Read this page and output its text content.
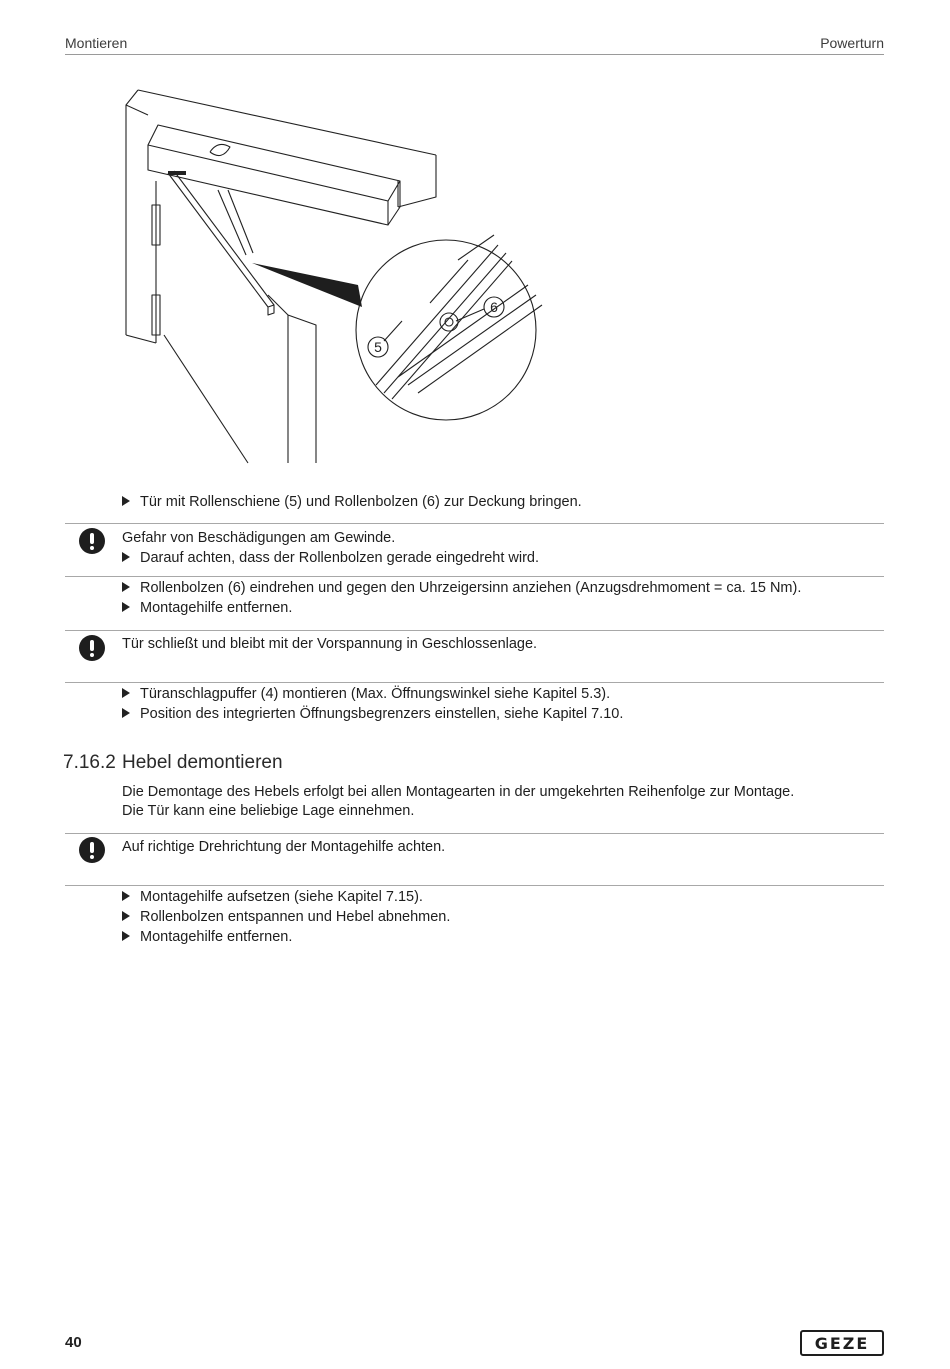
Montieren	Powerturn
6
5
Tür mit Rollenschiene (5) und Rollenbolzen (6) zur Deckung bringen.
Gefahr von Beschädigungen am Gewinde.
Darauf achten, dass der Rollenbolzen gerade eingedreht wird.
Rollenbolzen (6) eindrehen und gegen den Uhrzeigersinn anziehen (Anzugsdrehmoment = ca. 15 Nm).
Montagehilfe entfernen.
Tür schließt und bleibt mit der Vorspannung in Geschlossenlage.
Türanschlagpuffer (4) montieren (Max. Öffnungswinkel siehe Kapitel 5.3).
Position des integrierten Öffnungsbegrenzers einstellen, siehe Kapitel 7.10.
7.16.2 Hebel demontieren
Die Demontage des Hebels erfolgt bei allen Montagearten in der umgekehrten Reihenfolge zur Montage.
Die Tür kann eine beliebige Lage einnehmen.
Auf richtige Drehrichtung der Montagehilfe achten.
Montagehilfe aufsetzen (siehe Kapitel 7.15).
Rollenbolzen entspannen und Hebel abnehmen.
Montagehilfe entfernen.
40	GEZE
